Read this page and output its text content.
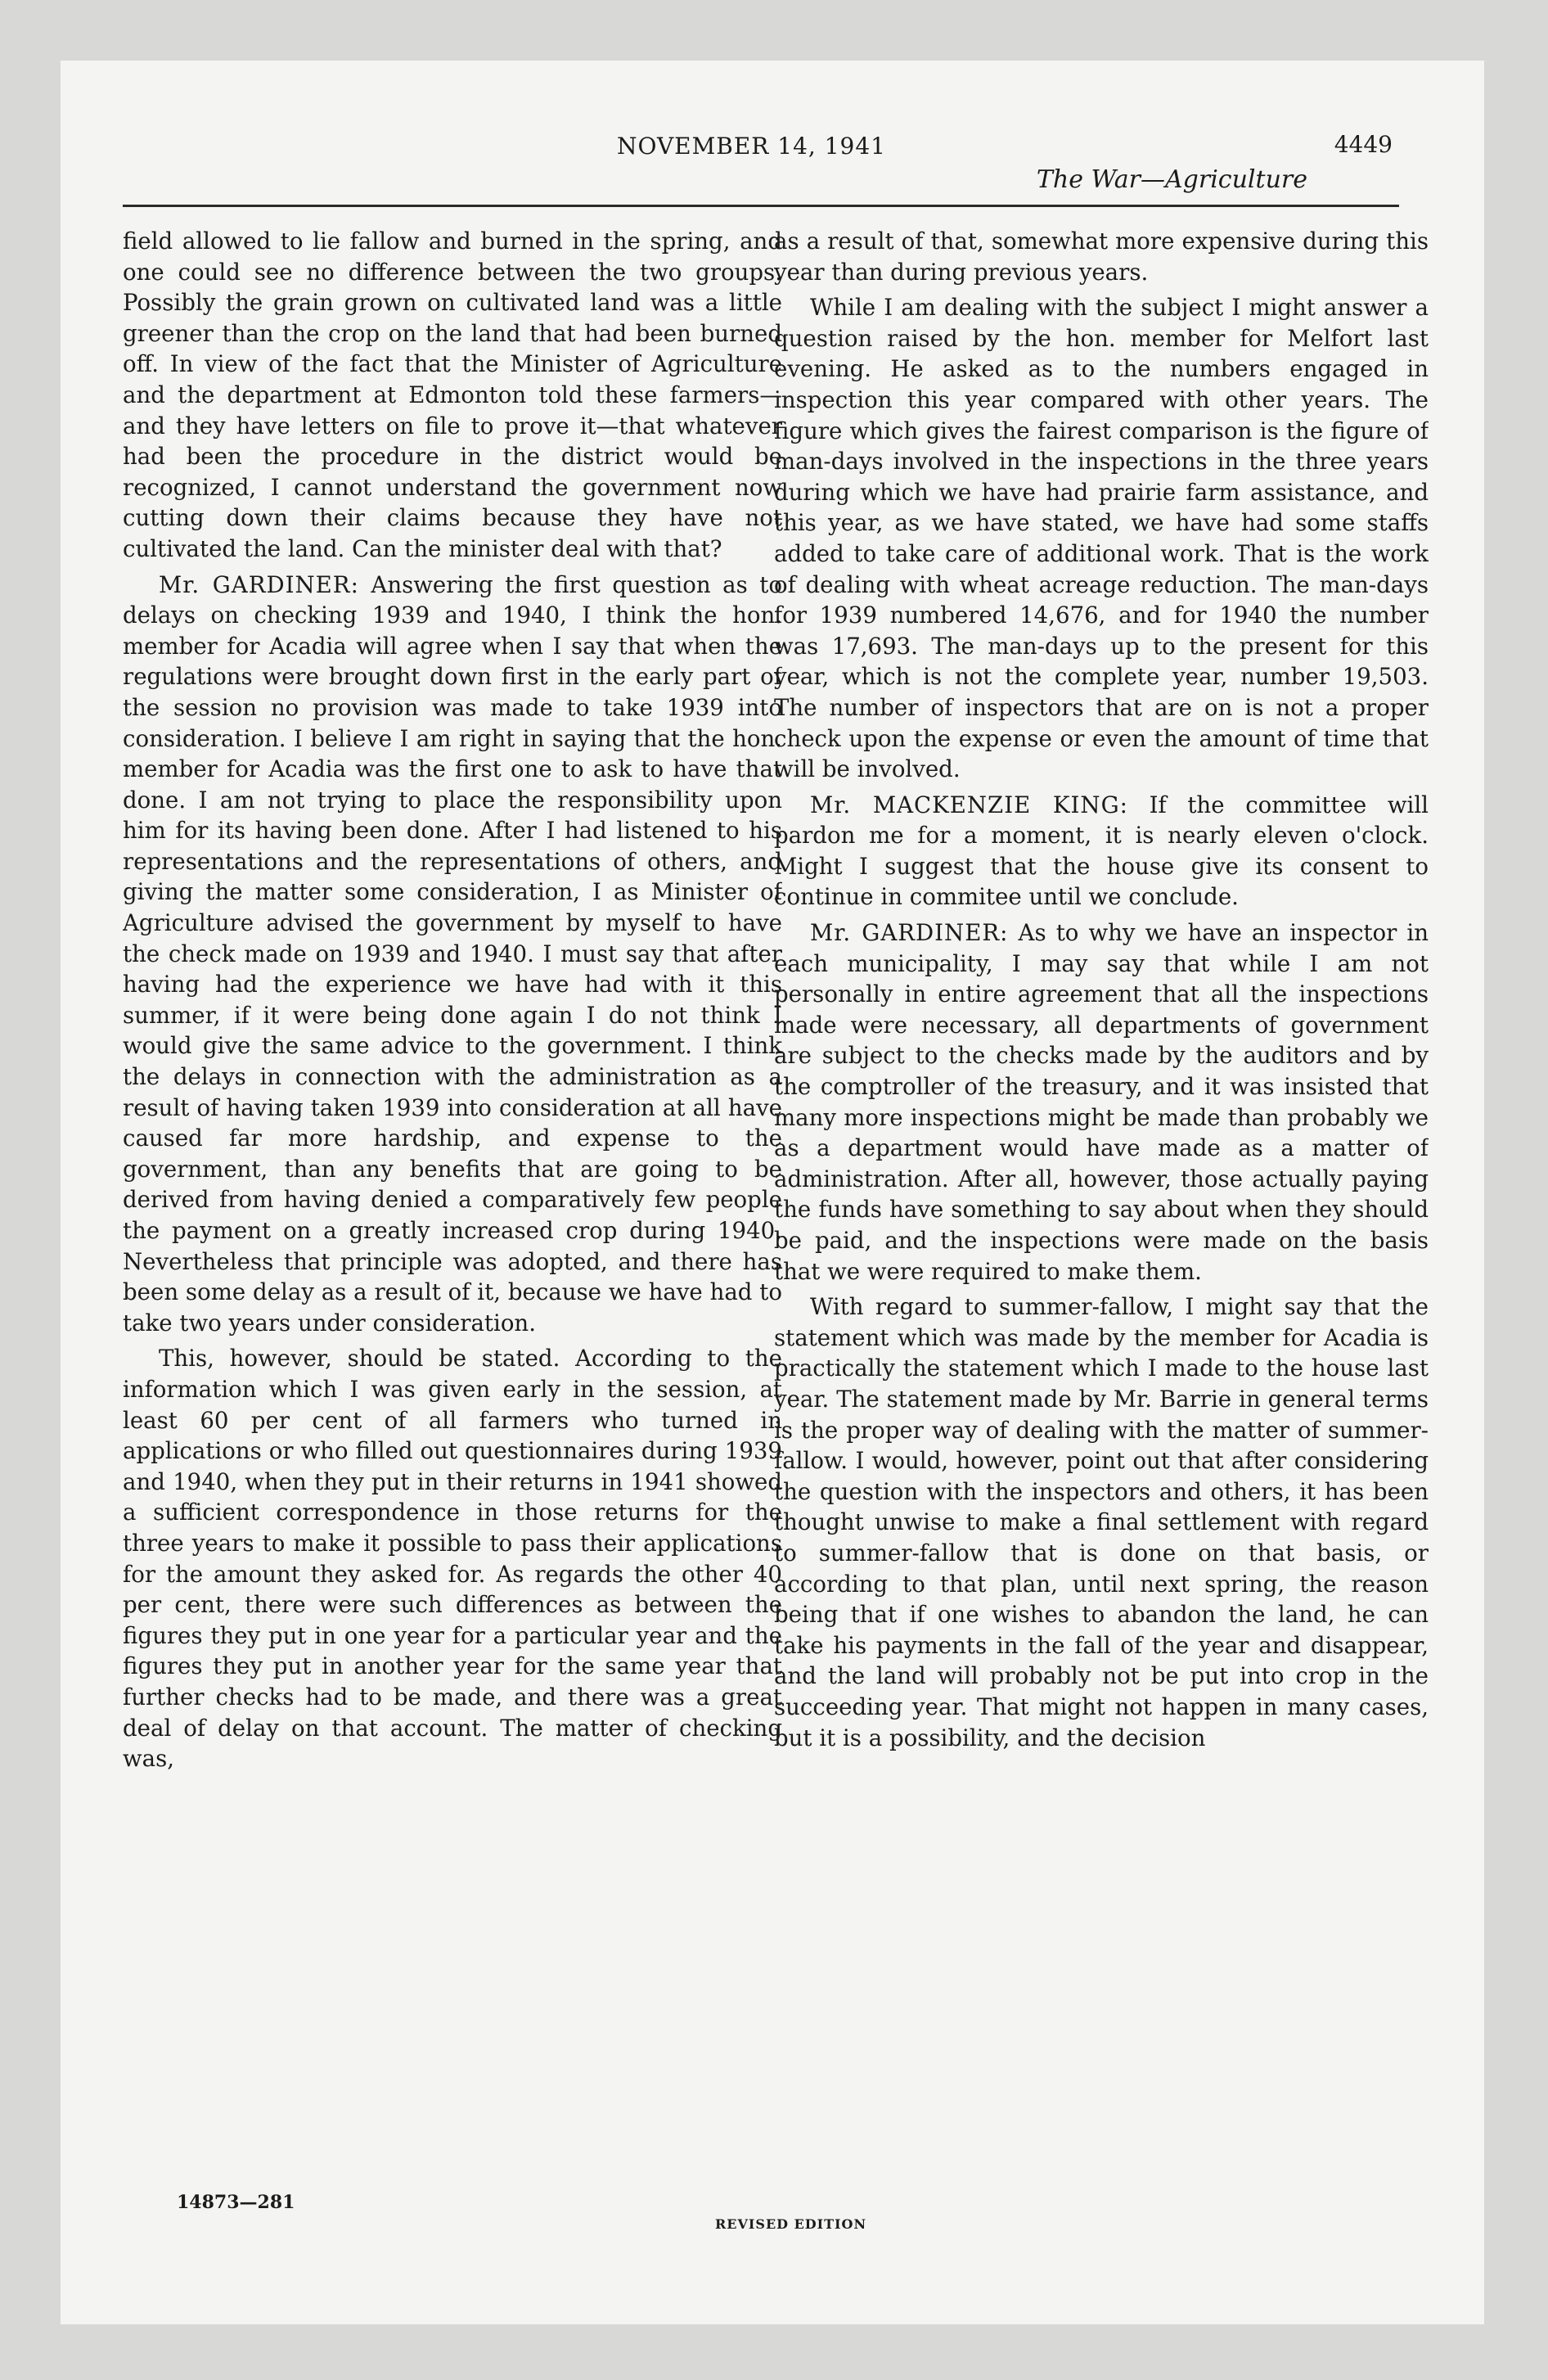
NOVEMBER 14, 1941	4449
The War—Agriculture

field allowed to lie fallow and burned in the spring, and one could see no difference between the two groups. Possibly the grain grown on cultivated land was a little greener than the crop on the land that had been burned off. In view of the fact that the Minister of Agriculture and the department at Edmonton told these farmers—and they have letters on file to prove it—that whatever had been the procedure in the district would be recognized, I cannot understand the government now cutting down their claims because they have not cultivated the land. Can the minister deal with that?

Mr. GARDINER: Answering the first question as to delays on checking 1939 and 1940, I think the hon. member for Acadia will agree when I say that when the regulations were brought down first in the early part of the session no provision was made to take 1939 into consideration. I believe I am right in saying that the hon. member for Acadia was the first one to ask to have that done. I am not trying to place the responsibility upon him for its having been done. After I had listened to his representations and the representations of others, and giving the matter some consideration, I as Minister of Agriculture advised the government by myself to have the check made on 1939 and 1940. I must say that after having had the experience we have had with it this summer, if it were being done again I do not think I would give the same advice to the government. I think the delays in connection with the administration as a result of having taken 1939 into consideration at all have caused far more hardship, and expense to the government, than any benefits that are going to be derived from having denied a comparatively few people the payment on a greatly increased crop during 1940. Nevertheless that principle was adopted, and there has been some delay as a result of it, because we have had to take two years under consideration.

This, however, should be stated. According to the information which I was given early in the session, at least 60 per cent of all farmers who turned in applications or who filled out questionnaires during 1939 and 1940, when they put in their returns in 1941 showed a sufficient correspondence in those returns for the three years to make it possible to pass their applications for the amount they asked for. As regards the other 40 per cent, there were such differences as between the figures they put in one year for a particular year and the figures they put in another year for the same year that further checks had to be made, and there was a great deal of delay on that account. The matter of checking was,

as a result of that, somewhat more expensive during this year than during previous years.

While I am dealing with the subject I might answer a question raised by the hon. member for Melfort last evening. He asked as to the numbers engaged in inspection this year compared with other years. The figure which gives the fairest comparison is the figure of man-days involved in the inspections in the three years during which we have had prairie farm assistance, and this year, as we have stated, we have had some staffs added to take care of additional work. That is the work of dealing with wheat acreage reduction. The man-days for 1939 numbered 14,676, and for 1940 the number was 17,693. The man-days up to the present for this year, which is not the complete year, number 19,503. The number of inspectors that are on is not a proper check upon the expense or even the amount of time that will be involved.

Mr. MACKENZIE KING: If the committee will pardon me for a moment, it is nearly eleven o'clock. Might I suggest that the house give its consent to continue in commitee until we conclude.

Mr. GARDINER: As to why we have an inspector in each municipality, I may say that while I am not personally in entire agreement that all the inspections made were necessary, all departments of government are subject to the checks made by the auditors and by the comptroller of the treasury, and it was insisted that many more inspections might be made than probably we as a department would have made as a matter of administration. After all, however, those actually paying the funds have something to say about when they should be paid, and the inspections were made on the basis that we were required to make them.

With regard to summer-fallow, I might say that the statement which was made by the member for Acadia is practically the statement which I made to the house last year. The statement made by Mr. Barrie in general terms is the proper way of dealing with the matter of summer-fallow. I would, however, point out that after considering the question with the inspectors and others, it has been thought unwise to make a final settlement with regard to summer-fallow that is done on that basis, or according to that plan, until next spring, the reason being that if one wishes to abandon the land, he can take his payments in the fall of the year and disappear, and the land will probably not be put into crop in the succeeding year. That might not happen in many cases, but it is a possibility, and the decision

14873—281
REVISED EDITION
